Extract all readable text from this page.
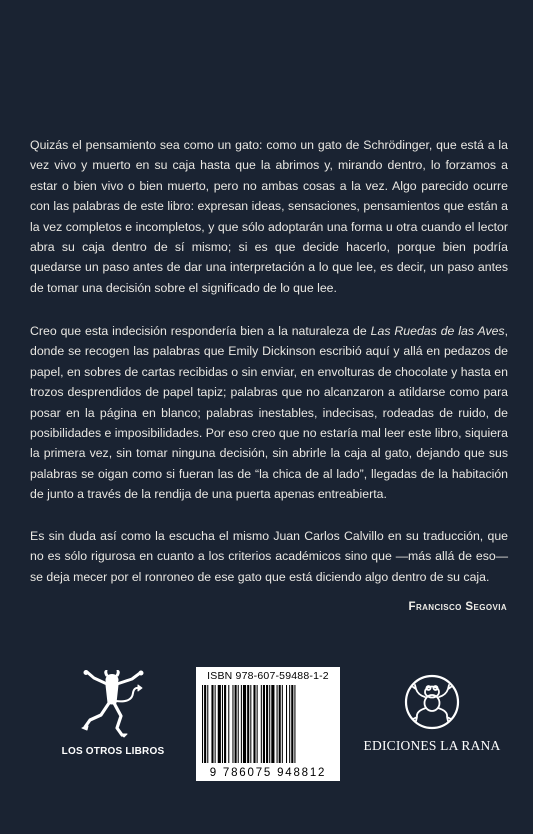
Quizás el pensamiento sea como un gato: como un gato de Schrödinger, que está a la vez vivo y muerto en su caja hasta que la abrimos y, mirando dentro, lo forzamos a estar o bien vivo o bien muerto, pero no ambas cosas a la vez. Algo parecido ocurre con las palabras de este libro: expresan ideas, sensaciones, pensamientos que están a la vez completos e incompletos, y que sólo adoptarán una forma u otra cuando el lector abra su caja dentro de sí mismo; si es que decide hacerlo, porque bien podría quedarse un paso antes de dar una interpretación a lo que lee, es decir, un paso antes de tomar una decisión sobre el significado de lo que lee.
Creo que esta indecisión respondería bien a la naturaleza de Las Ruedas de las Aves, donde se recogen las palabras que Emily Dickinson escribió aquí y allá en pedazos de papel, en sobres de cartas recibidas o sin enviar, en envolturas de chocolate y hasta en trozos desprendidos de papel tapiz; palabras que no alcanzaron a atildarse como para posar en la página en blanco; palabras inestables, indecisas, rodeadas de ruido, de posibilidades e imposibilidades. Por eso creo que no estaría mal leer este libro, siquiera la primera vez, sin tomar ninguna decisión, sin abrirle la caja al gato, dejando que sus palabras se oigan como si fueran las de “la chica de al lado”, llegadas de la habitación de junto a través de la rendija de una puerta apenas entreabierta.
Es sin duda así como la escucha el mismo Juan Carlos Calvillo en su traducción, que no es sólo rigurosa en cuanto a los criterios académicos sino que —más allá de eso— se deja mecer por el ronroneo de ese gato que está diciendo algo dentro de su caja.
Francisco Segovia
LOS OTROS LIBROS
ISBN 978-607-59488-1-2
9 786075 948812
EDICIONES LA RANA
